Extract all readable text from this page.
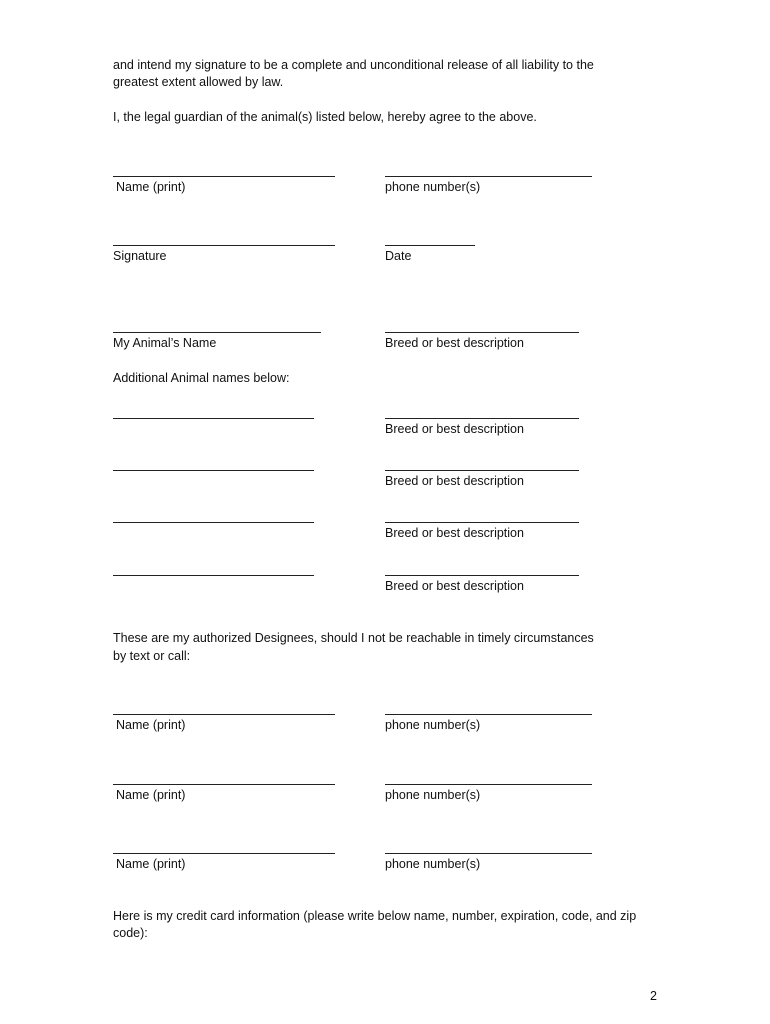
and intend my signature to be a complete and unconditional release of all liability to the
greatest extent allowed by law.
I, the legal guardian of the animal(s) listed below, hereby agree to the above.
Name (print)	phone number(s)
Signature	Date
My Animal’s Name	Breed or best description
Additional Animal names below:
Breed or best description
Breed or best description
Breed or best description
Breed or best description
These are my authorized Designees, should I not be reachable in timely circumstances
by text or call:
Name (print)	phone number(s)
Name (print)	phone number(s)
Name (print)	phone number(s)
Here is my credit card information (please write below name, number, expiration, code, and zip
code):
2
